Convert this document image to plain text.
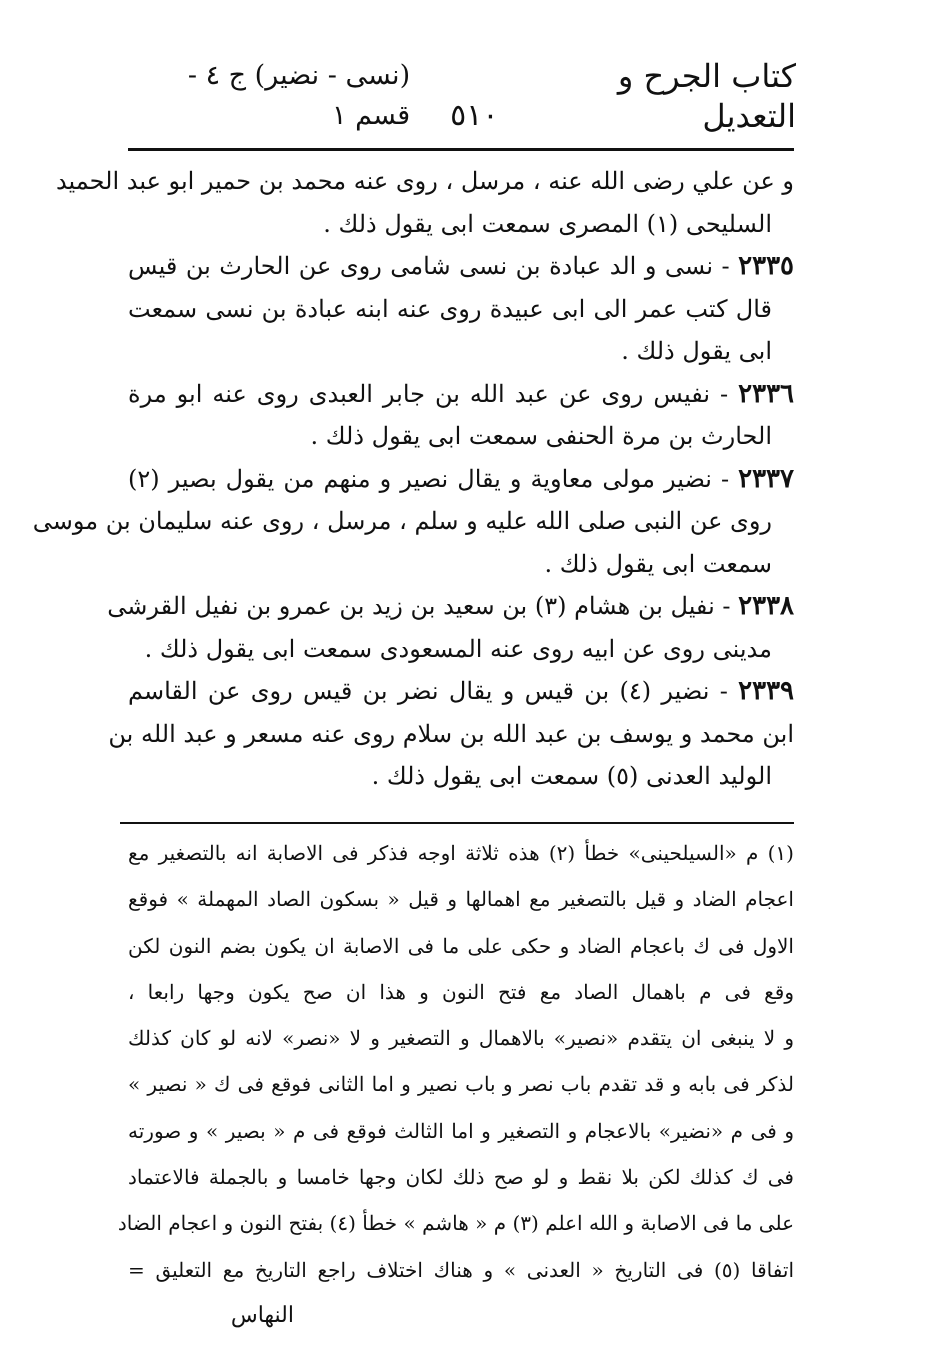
كتاب الجرح و التعديل
٥١٠
(نسى - نضير) ج ٤ - قسم ١
و عن علي رضى الله عنه ، مرسل ، روى عنه محمد بن حمير ابو عبد الحميد
السليحى (١) المصرى سمعت ابى يقول ذلك .
٢٣٣٥ - نسى و الد عبادة بن نسى شامى روى عن الحارث بن قيس
قال كتب عمر الى ابى عبيدة روى عنه ابنه عبادة بن نسى سمعت
ابى يقول ذلك .
٢٣٣٦ - نفيس روى عن عبد الله بن جابر العبدى روى عنه ابو مرة
الحارث بن مرة الحنفى سمعت ابى يقول ذلك .
٢٣٣٧ - نضير مولى معاوية و يقال نصير و منهم من يقول بصير (٢)
روى عن النبى صلى الله عليه و سلم ، مرسل ، روى عنه سليمان بن موسى
سمعت ابى يقول ذلك .
٢٣٣٨ - نفيل بن هشام (٣) بن سعيد بن زيد بن عمرو بن نفيل القرشى
مدينى روى عن ابيه روى عنه المسعودى سمعت ابى يقول ذلك .
٢٣٣٩ - نضير (٤) بن قيس و يقال نضر بن قيس روى عن القاسم
ابن محمد و يوسف بن عبد الله بن سلام روى عنه مسعر و عبد الله بن
الوليد العدنى (٥) سمعت ابى يقول ذلك .
(١) م «السيلحينى» خطأ (٢) هذه ثلاثة اوجه فذكر فى الاصابة انه بالتصغير مع
اعجام الضاد و قيل بالتصغير مع اهمالها و قيل « بسكون الصاد المهملة » فوقع
الاول فى ك باعجام الضاد و حكى على ما فى الاصابة ان يكون بضم النون لكن
وقع فى م باهمال الصاد مع فتح النون و هذا ان صح يكون وجها رابعا ،
و لا ينبغى ان يتقدم «نصير» بالاهمال و التصغير و لا «نصر» لانه لو كان كذلك
لذكر فى بابه و قد تقدم باب نصر و باب نصير و اما الثانى فوقع فى ك « نصير »
و فى م «نضير» بالاعجام و التصغير و اما الثالث فوقع فى م « بصير » و صورته
فى ك كذلك لكن بلا نقط و لو صح ذلك لكان وجها خامسا و بالجملة فالاعتماد
على ما فى الاصابة و الله اعلم (٣) م « هاشم » خطأ (٤) بفتح النون و اعجام الضاد
اتفاقا (٥) فى التاريخ « العدنى » و هناك اختلاف راجع التاريخ مع التعليق =
النهاس
